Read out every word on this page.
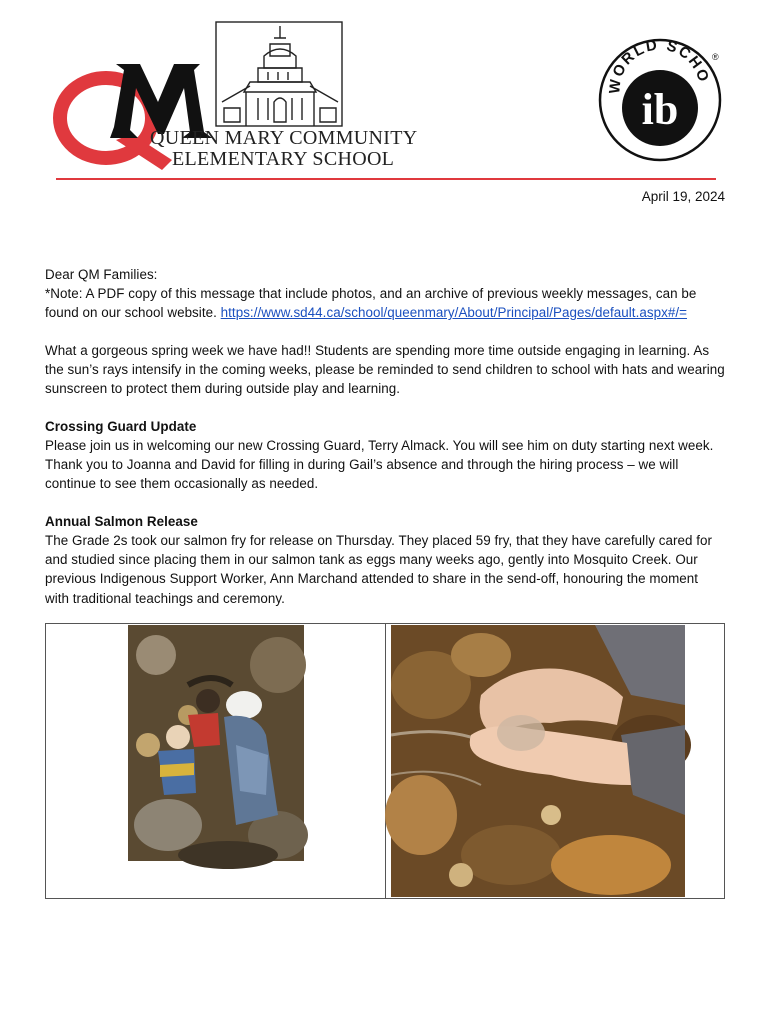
QUEEN MARY COMMUNITY
ELEMENTARY SCHOOL
WORLD SCHO
®
ib
April 19, 2024
Dear QM Families:
*Note: A PDF copy of this message that include photos, and an archive of previous weekly messages, can be found on our school website. https://www.sd44.ca/school/queenmary/About/Principal/Pages/default.aspx#/=
What a gorgeous spring week we have had!! Students are spending more time outside engaging in learning. As the sun’s rays intensify in the coming weeks, please be reminded to send children to school with hats and wearing sunscreen to protect them during outside play and learning.
Crossing Guard Update
Please join us in welcoming our new Crossing Guard, Terry Almack. You will see him on duty starting next week. Thank you to Joanna and David for filling in during Gail’s absence and through the hiring process – we will continue to see them occasionally as needed.
Annual Salmon Release
The Grade 2s took our salmon fry for release on Thursday. They placed 59 fry, that they have carefully cared for and studied since placing them in our salmon tank as eggs many weeks ago, gently into Mosquito Creek. Our previous Indigenous Support Worker, Ann Marchand attended to share in the send-off, honouring the moment with traditional teachings and ceremony.
